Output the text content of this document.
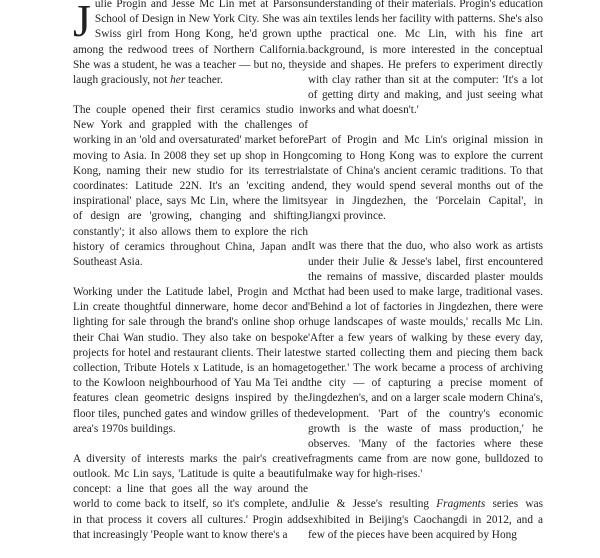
Julie Progin and Jesse Mc Lin met at Parsons School of Design in New York City. She was a Swiss girl from Hong Kong, he'd grown up among the redwood trees of Northern California. She was a student, he was a teacher — but no, they laugh graciously, not her teacher.

The couple opened their first ceramics studio in New York and grappled with the challenges of working in an 'old and oversaturated' market before moving to Asia. In 2008 they set up shop in Hong Kong, naming their new studio for its terrestrial coordinates: Latitude 22N. It's an 'exciting and inspirational' place, says Mc Lin, where the limits of design are 'growing, changing and shifting constantly'; it also allows them to explore the rich history of ceramics throughout China, Japan and Southeast Asia.

Working under the Latitude label, Progin and Mc Lin create thoughtful dinnerware, home decor and lighting for sale through the brand's online shop or their Chai Wan studio. They also take on bespoke projects for hotel and restaurant clients. Their latest collection, Tribute Hotels x Latitude, is an homage to the Kowloon neighbourhood of Yau Ma Tei and features clean geometric designs inspired by the floor tiles, punched gates and window grilles of the area's 1970s buildings.

A diversity of interests marks the pair's creative outlook. Mc Lin says, 'Latitude is quite a beautiful concept: a line that goes all the way around the world to come back to itself, so it's complete, and in that process it covers all cultures.' Progin adds that increasingly 'People want to know there's a

understanding of their materials. Progin's education in textiles lends her facility with patterns. She's also the practical one. Mc Lin, with his fine art background, is more interested in the conceptual side and shapes. He prefers to experiment directly with clay rather than sit at the computer: 'It's a lot of getting dirty and making, and just seeing what works and what doesn't.'

Part of Progin and Mc Lin's original mission in coming to Hong Kong was to explore the current state of China's ancient ceramic traditions. To that end, they would spend several months out of the year in Jingdezhen, the 'Porcelain Capital', in Jiangxi province.

It was there that the duo, who also work as artists under their Julie & Jesse's label, first encountered the remains of massive, discarded plaster moulds that had been used to make large, traditional vases. 'Behind a lot of factories in Jingdezhen, there were huge landscapes of waste moulds,' recalls Mc Lin. 'After a few years of walking by these every day, we started collecting them and piecing them back together.' The work became a process of archiving the city — of capturing a precise moment of Jingdezhen's, and on a larger scale modern China's, development. 'Part of the country's economic growth is the waste of mass production,' he observes. 'Many of the factories where these fragments came from are now gone, bulldozed to make way for high-rises.'

Julie & Jesse's resulting Fragments series was exhibited in Beijing's Caochangdi in 2012, and a few of the pieces have been acquired by Hong
